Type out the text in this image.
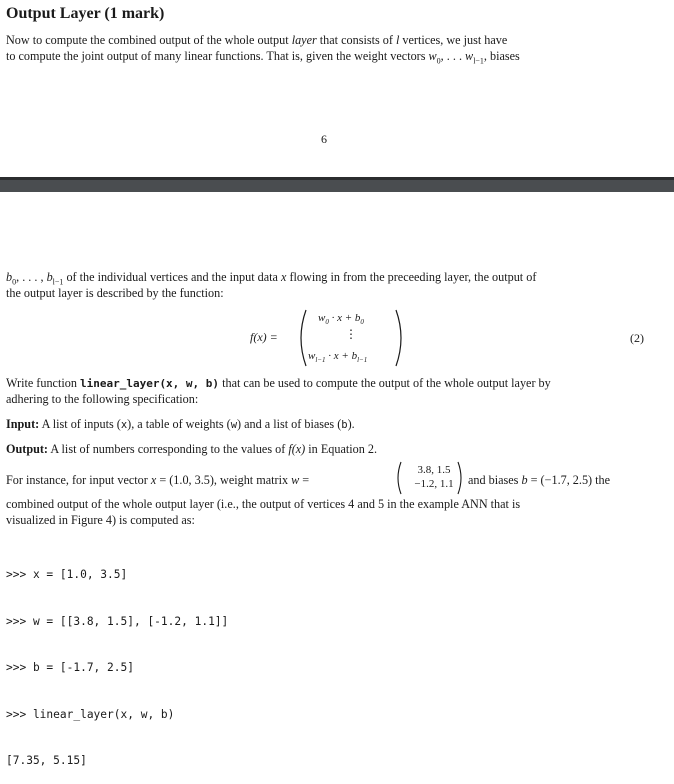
Output Layer (1 mark)
Now to compute the combined output of the whole output layer that consists of l vertices, we just have
to compute the joint output of many linear functions. That is, given the weight vectors $w_0$, . . . $w_{l-1}$, biases
6
$b_0$, . . . , $b_{l-1}$ of the individual vertices and the input data x flowing in from the preceeding layer, the output of
the output layer is described by the function:
f(x) =
$w_0 \cdot x + b_0$
⋮
$w_{l-1} \cdot x + b_{l-1}$
(2)
Write function linear_layer(x, w, b) that can be used to compute the output of the whole output layer by
adhering to the following specification:
Input: A list of inputs (x), a table of weights (w) and a list of biases (b).
Output: A list of numbers corresponding to the values of f(x) in Equation 2.
For instance, for input vector x = (1.0, 3.5), weight matrix w =
3.8, 1.5
−1.2, 1.1	and biases b = (−1.7, 2.5) the
combined output of the whole output layer (i.e., the output of vertices 4 and 5 in the example ANN that is
visualized in Figure 4) is computed as:

>>> x = [1.0, 3.5]

>>> w = [[3.8, 1.5], [-1.2, 1.1]]

>>> b = [-1.7, 2.5]

>>> linear_layer(x, w, b)

[7.35, 5.15]
